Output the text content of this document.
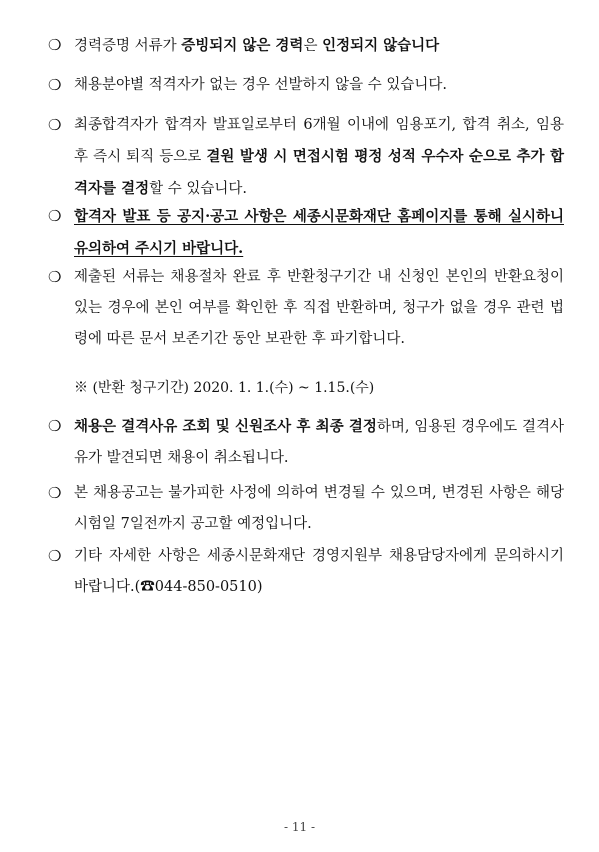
❍ 경력증명 서류가 증빙되지 않은 경력은 인정되지 않습니다
❍ 채용분야별 적격자가 없는 경우 선발하지 않을 수 있습니다.
❍ 최종합격자가 합격자 발표일로부터 6개월 이내에 임용포기, 합격 취소, 임용 후 즉시 퇴직 등으로 결원 발생 시 면접시험 평정 성적 우수자 순으로 추가 합격자를 결정할 수 있습니다.
❍ 합격자 발표 등 공지·공고 사항은 세종시문화재단 홈페이지를 통해 실시하니 유의하여 주시기 바랍니다.
❍ 제출된 서류는 채용절차 완료 후 반환청구기간 내 신청인 본인의 반환요청이 있는 경우에 본인 여부를 확인한 후 직접 반환하며, 청구가 없을 경우 관련 법령에 따른 문서 보존기간 동안 보관한 후 파기합니다.
※ (반환 청구기간) 2020. 1. 1.(수) ~ 1.15.(수)
❍ 채용은 결격사유 조회 및 신원조사 후 최종 결정하며, 임용된 경우에도 결격사유가 발견되면 채용이 취소됩니다.
❍ 본 채용공고는 불가피한 사정에 의하여 변경될 수 있으며, 변경된 사항은 해당 시험일 7일전까지 공고할 예정입니다.
❍ 기타 자세한 사항은 세종시문화재단 경영지원부 채용담당자에게 문의하시기 바랍니다.(☎044-850-0510)
- 11 -
